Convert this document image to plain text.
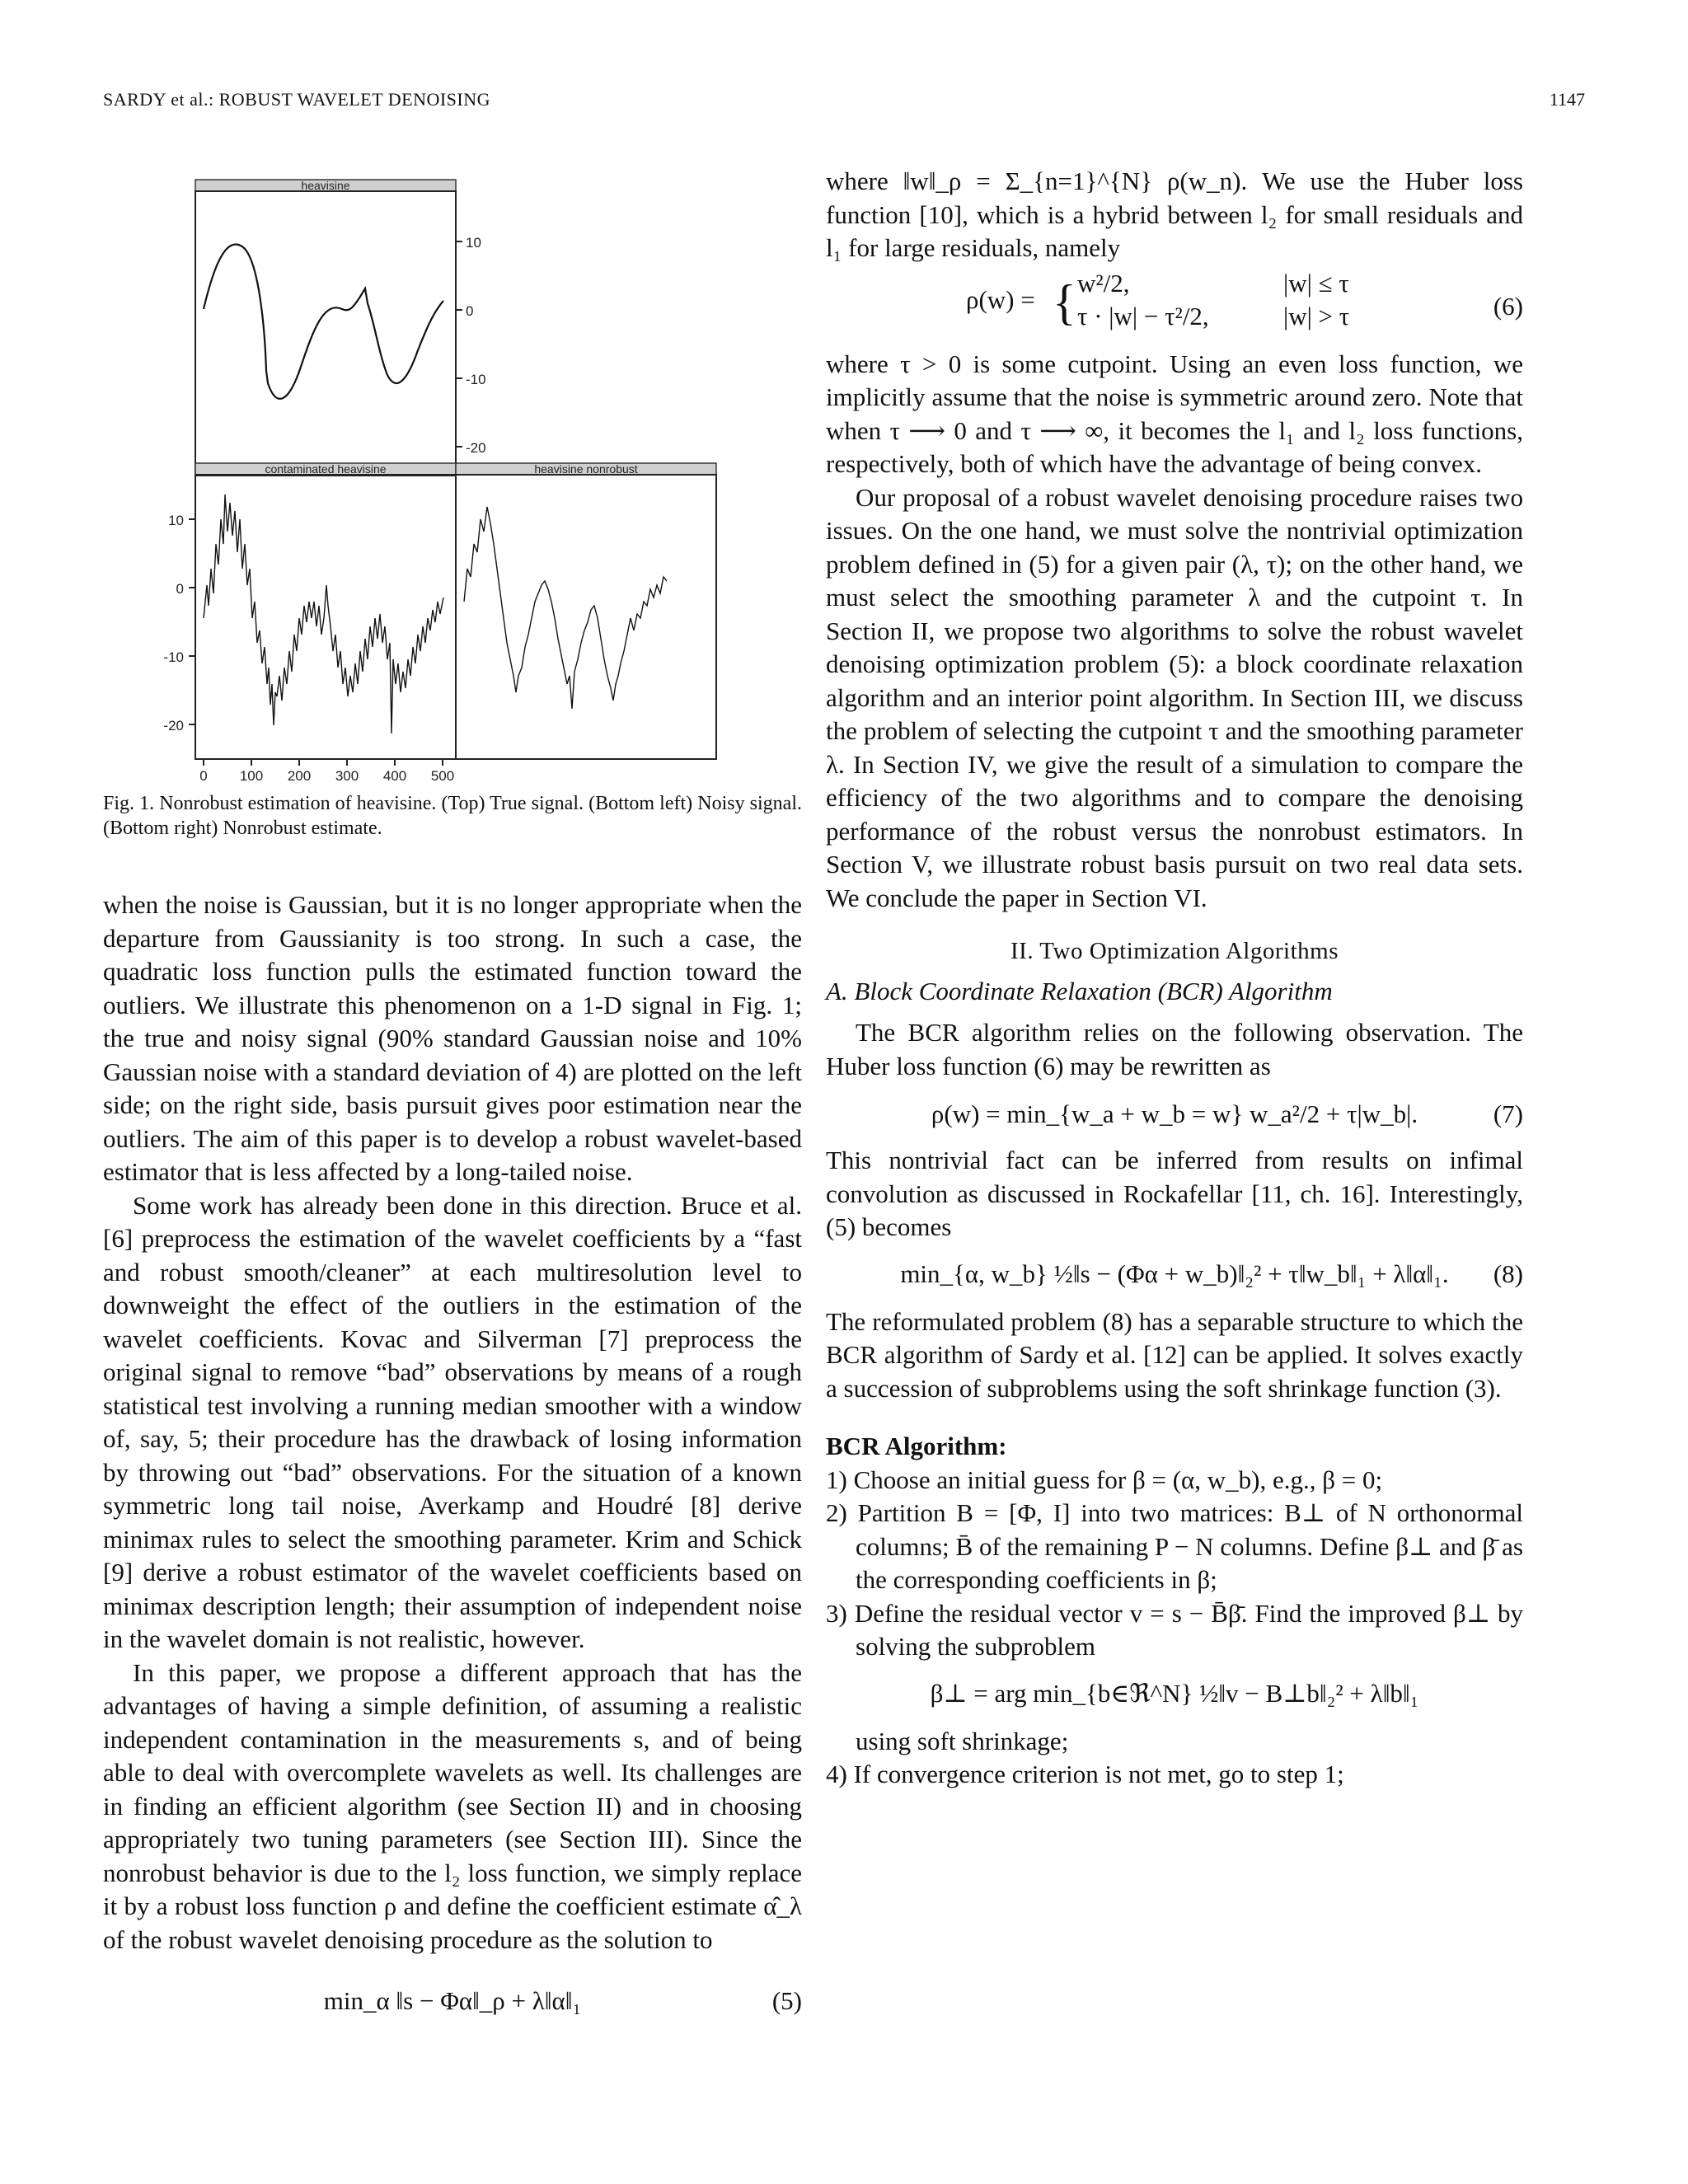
SARDY et al.: ROBUST WAVELET DENOISING	1147
heavisine
10
0
-10
-20
contaminated heavisine	heavisine nonrobust
10
0
-10
-20
0 100 200 300 400 500
Fig. 1. Nonrobust estimation of heavisine. (Top) True signal. (Bottom left) Noisy signal. (Bottom right) Nonrobust estimate.

when the noise is Gaussian, but it is no longer appropriate when the departure from Gaussianity is too strong. In such a case, the quadratic loss function pulls the estimated function toward the outliers. We illustrate this phenomenon on a 1-D signal in Fig. 1; the true and noisy signal (90% standard Gaussian noise and 10% Gaussian noise with a standard deviation of 4) are plotted on the left side; on the right side, basis pursuit gives poor estimation near the outliers. The aim of this paper is to develop a robust wavelet-based estimator that is less affected by a long-tailed noise.

Some work has already been done in this direction. Bruce et al. [6] preprocess the estimation of the wavelet coefficients by a “fast and robust smooth/cleaner” at each multiresolution level to downweight the effect of the outliers in the estimation of the wavelet coefficients. Kovac and Silverman [7] preprocess the original signal to remove “bad” observations by means of a rough statistical test involving a running median smoother with a window of, say, 5; their procedure has the drawback of losing information by throwing out “bad” observations. For the situation of a known symmetric long tail noise, Averkamp and Houdré [8] derive minimax rules to select the smoothing parameter. Krim and Schick [9] derive a robust estimator of the wavelet coefficients based on minimax description length; their assumption of independent noise in the wavelet domain is not realistic, however.

In this paper, we propose a different approach that has the advantages of having a simple definition, of assuming a realistic independent contamination in the measurements s, and of being able to deal with overcomplete wavelets as well. Its challenges are in finding an efficient algorithm (see Section II) and in choosing appropriately two tuning parameters (see Section III). Since the nonrobust behavior is due to the l₂ loss function, we simply replace it by a robust loss function ρ and define the coefficient estimate α̂_λ of the robust wavelet denoising procedure as the solution to

min_α ‖s − Φα‖_ρ + λ‖α‖₁	(5)

where ‖w‖_ρ = Σ_{n=1}^{N} ρ(w_n). We use the Huber loss function [10], which is a hybrid between l₂ for small residuals and l₁ for large residuals, namely

ρ(w) = { w²/2,
τ · |w| − τ²/2,
|w| ≤ τ
|w| > τ	(6)

where τ > 0 is some cutpoint. Using an even loss function, we implicitly assume that the noise is symmetric around zero. Note that when τ ⟶ 0 and τ ⟶ ∞, it becomes the l₁ and l₂ loss functions, respectively, both of which have the advantage of being convex.

Our proposal of a robust wavelet denoising procedure raises two issues. On the one hand, we must solve the nontrivial optimization problem defined in (5) for a given pair (λ, τ); on the other hand, we must select the smoothing parameter λ and the cutpoint τ. In Section II, we propose two algorithms to solve the robust wavelet denoising optimization problem (5): a block coordinate relaxation algorithm and an interior point algorithm. In Section III, we discuss the problem of selecting the cutpoint τ and the smoothing parameter λ. In Section IV, we give the result of a simulation to compare the efficiency of the two algorithms and to compare the denoising performance of the robust versus the nonrobust estimators. In Section V, we illustrate robust basis pursuit on two real data sets. We conclude the paper in Section VI.

II. Two Optimization Algorithms

A. Block Coordinate Relaxation (BCR) Algorithm

The BCR algorithm relies on the following observation. The Huber loss function (6) may be rewritten as

ρ(w) = min_{w_a + w_b = w} w_a²/2 + τ|w_b|.	(7)

This nontrivial fact can be inferred from results on infimal convolution as discussed in Rockafellar [11, ch. 16]. Interestingly, (5) becomes

min_{α, w_b} ½‖s − (Φα + w_b)‖₂² + τ‖w_b‖₁ + λ‖α‖₁.	(8)

The reformulated problem (8) has a separable structure to which the BCR algorithm of Sardy et al. [12] can be applied. It solves exactly a succession of subproblems using the soft shrinkage function (3).

BCR Algorithm:

1) Choose an initial guess for β = (α, w_b), e.g., β = 0;
2) Partition B = [Φ, I] into two matrices: B⊥ of N orthonormal columns; B̄ of the remaining P − N columns. Define β⊥ and β̄ as the corresponding coefficients in β;
3) Define the residual vector v = s − B̄β̄. Find the improved β⊥ by solving the subproblem
β⊥ = arg min_{b∈ℜ^N} ½‖v − B⊥b‖₂² + λ‖b‖₁
using soft shrinkage;
4) If convergence criterion is not met, go to step 1;
